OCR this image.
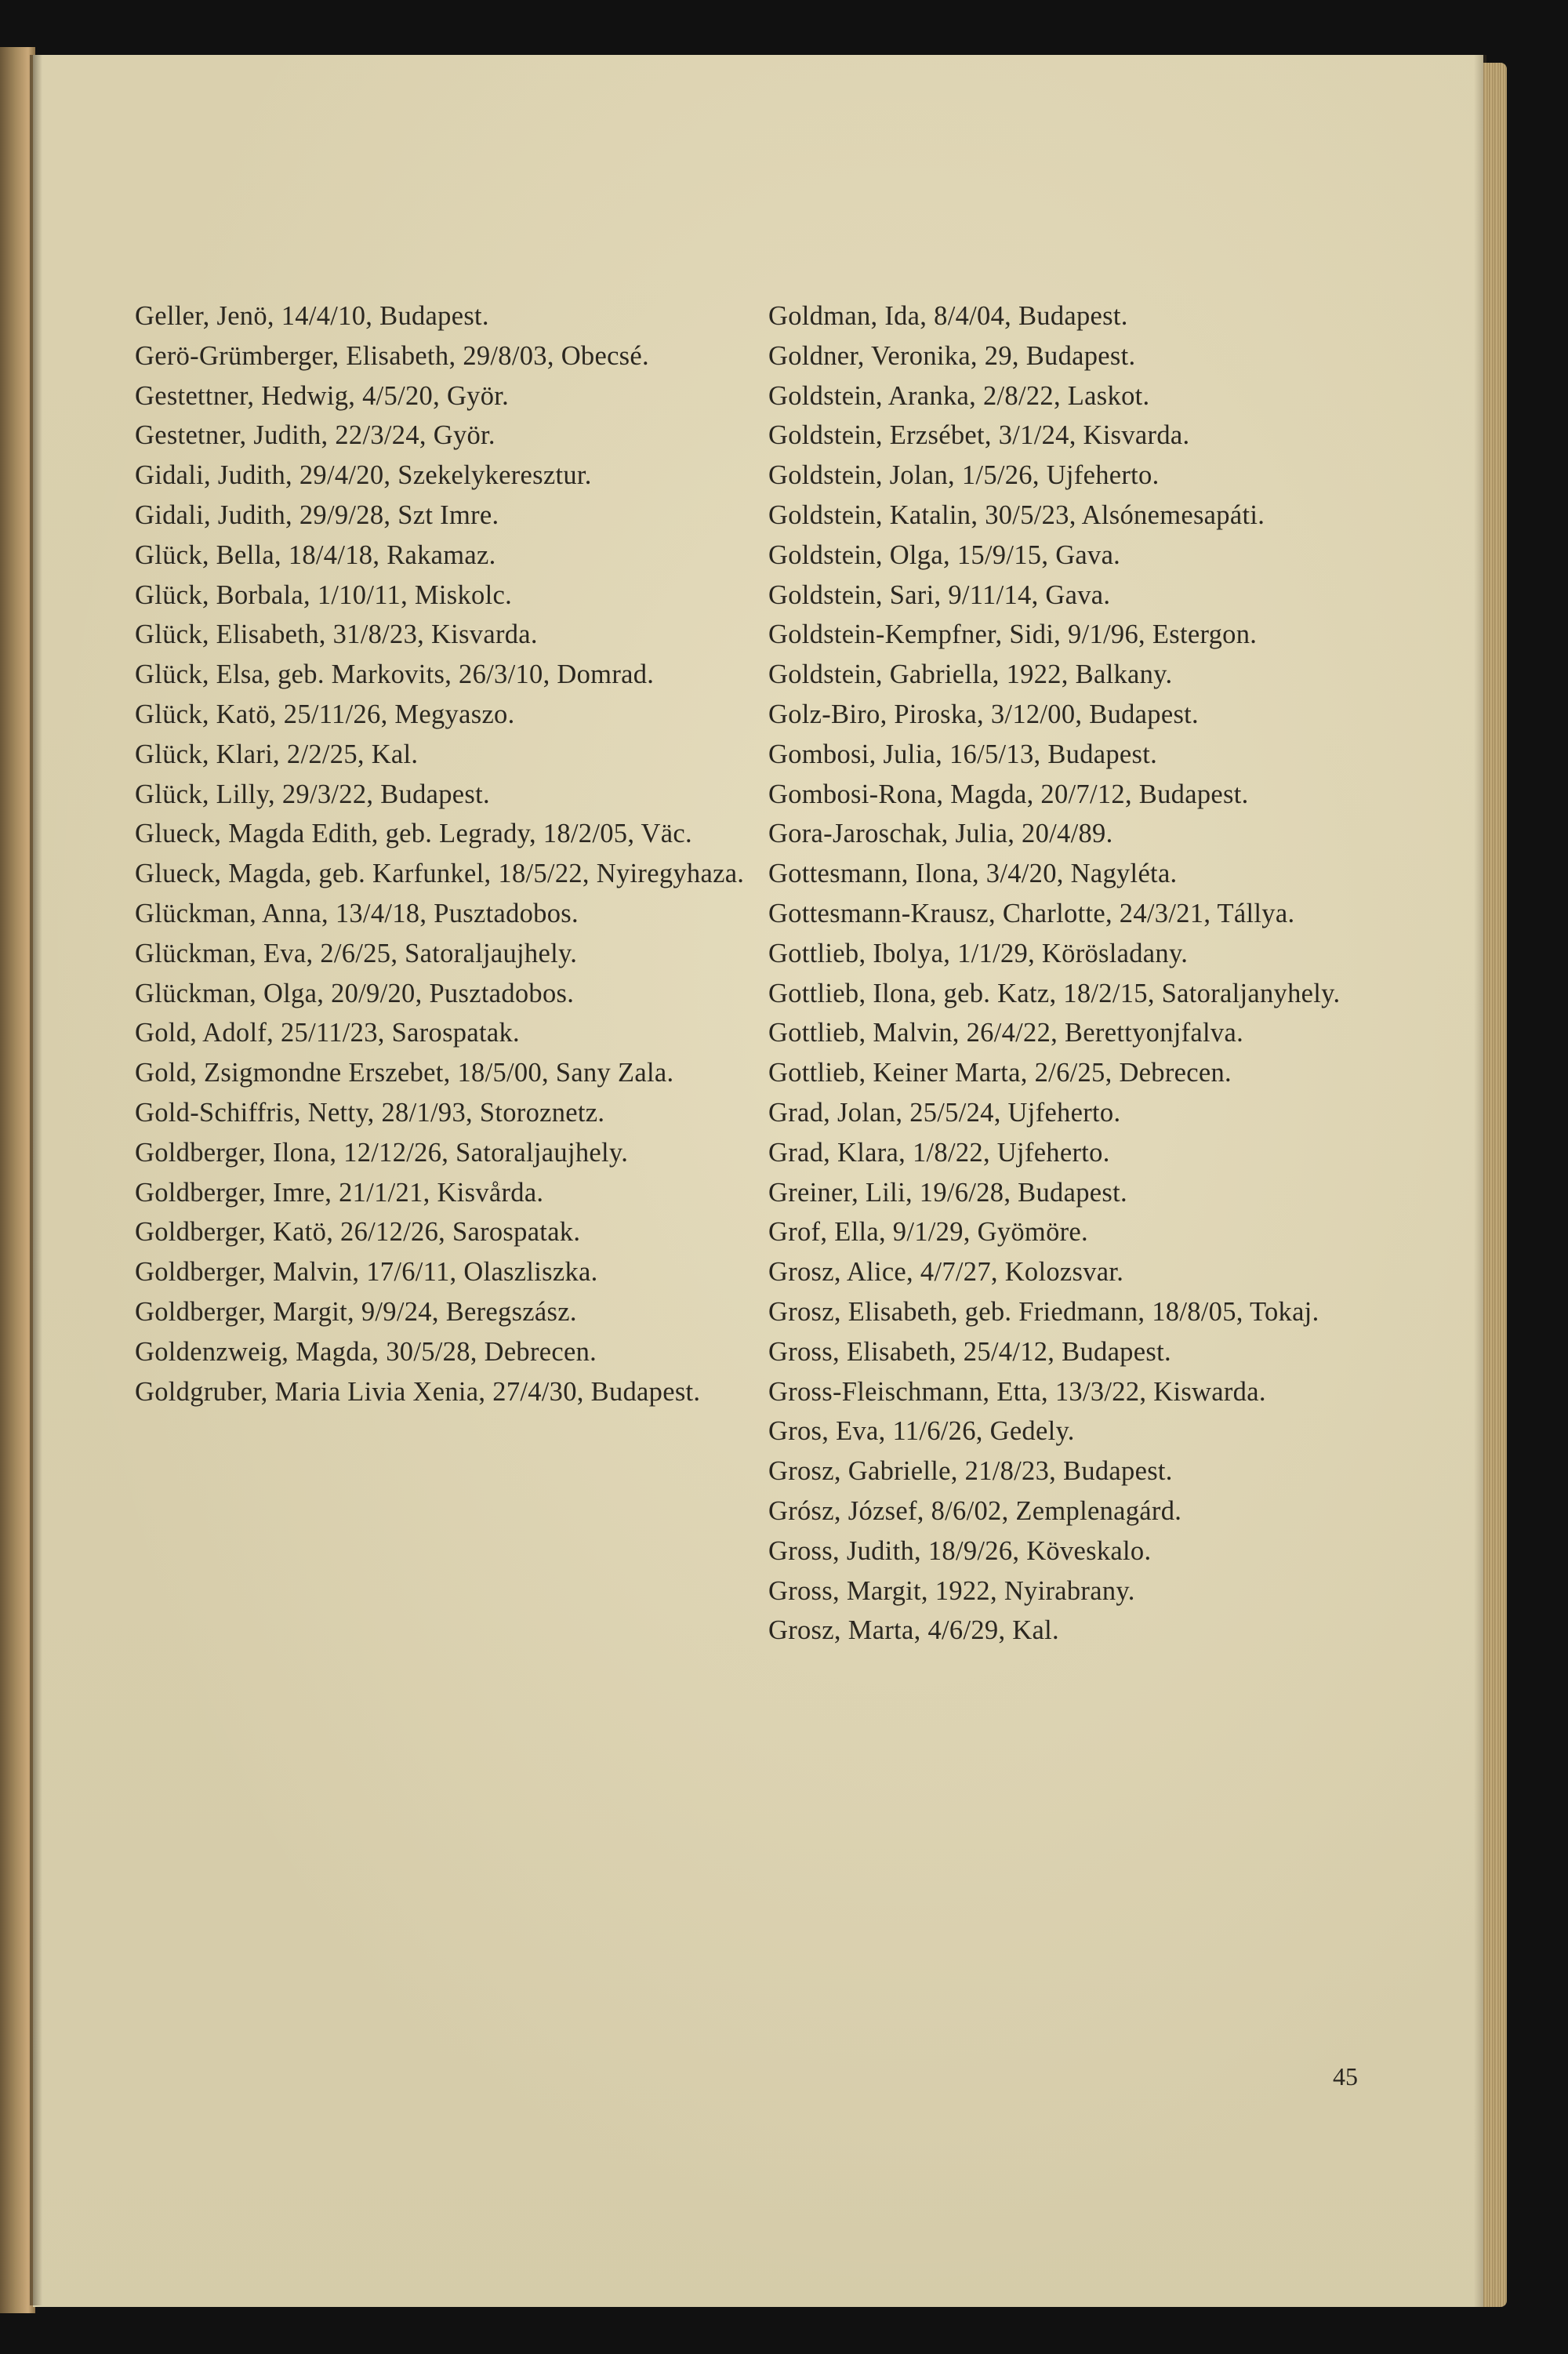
Geller, Jenö, 14/4/10, Budapest.

Gerö-Grümberger, Elisabeth, 29/8/03, Obecsé.

Gestettner, Hedwig, 4/5/20, Györ.

Gestetner, Judith, 22/3/24, Györ.

Gidali, Judith, 29/4/20, Szekelykeresztur.

Gidali, Judith, 29/9/28, Szt Imre.

Glück, Bella, 18/4/18, Rakamaz.

Glück, Borbala, 1/10/11, Miskolc.

Glück, Elisabeth, 31/8/23, Kisvarda.

Glück, Elsa, geb. Markovits, 26/3/10, Domrad.

Glück, Katö, 25/11/26, Megyaszo.

Glück, Klari, 2/2/25, Kal.

Glück, Lilly, 29/3/22, Budapest.

Glueck, Magda Edith, geb. Legrady, 18/2/05, Väc.

Glueck, Magda, geb. Karfunkel, 18/5/22, Nyiregyhaza.

Glückman, Anna, 13/4/18, Pusztadobos.

Glückman, Eva, 2/6/25, Satoraljaujhely.

Glückman, Olga, 20/9/20, Pusztadobos.

Gold, Adolf, 25/11/23, Sarospatak.

Gold, Zsigmondne Erszebet, 18/5/00, Sany Zala.

Gold-Schiffris, Netty, 28/1/93, Storoznetz.

Goldberger, Ilona, 12/12/26, Satoraljaujhely.

Goldberger, Imre, 21/1/21, Kisvårda.

Goldberger, Katö, 26/12/26, Sarospatak.

Goldberger, Malvin, 17/6/11, Olaszliszka.

Goldberger, Margit, 9/9/24, Beregszász.

Goldenzweig, Magda, 30/5/28, Debrecen.

Goldgruber, Maria Livia Xenia, 27/4/30, Budapest.

Goldman, Ida, 8/4/04, Budapest.

Goldner, Veronika, 29, Budapest.

Goldstein, Aranka, 2/8/22, Laskot.

Goldstein, Erzsébet, 3/1/24, Kisvarda.

Goldstein, Jolan, 1/5/26, Ujfeherto.

Goldstein, Katalin, 30/5/23, Alsónemesapáti.

Goldstein, Olga, 15/9/15, Gava.

Goldstein, Sari, 9/11/14, Gava.

Goldstein-Kempfner, Sidi, 9/1/96, Estergon.

Goldstein, Gabriella, 1922, Balkany.

Golz-Biro, Piroska, 3/12/00, Budapest.

Gombosi, Julia, 16/5/13, Budapest.

Gombosi-Rona, Magda, 20/7/12, Budapest.

Gora-Jaroschak, Julia, 20/4/89.

Gottesmann, Ilona, 3/4/20, Nagyléta.

Gottesmann-Krausz, Charlotte, 24/3/21, Tállya.

Gottlieb, Ibolya, 1/1/29, Körösladany.

Gottlieb, Ilona, geb. Katz, 18/2/15, Satoraljanyhely.

Gottlieb, Malvin, 26/4/22, Berettyonjfalva.

Gottlieb, Keiner Marta, 2/6/25, Debrecen.

Grad, Jolan, 25/5/24, Ujfeherto.

Grad, Klara, 1/8/22, Ujfeherto.

Greiner, Lili, 19/6/28, Budapest.

Grof, Ella, 9/1/29, Gyömöre.

Grosz, Alice, 4/7/27, Kolozsvar.

Grosz, Elisabeth, geb. Friedmann, 18/8/05, Tokaj.

Gross, Elisabeth, 25/4/12, Budapest.

Gross-Fleischmann, Etta, 13/3/22, Kiswarda.

Gros, Eva, 11/6/26, Gedely.

Grosz, Gabrielle, 21/8/23, Budapest.

Grósz, József, 8/6/02, Zemplenagárd.

Gross, Judith, 18/9/26, Köveskalo.

Gross, Margit, 1922, Nyirabrany.

Grosz, Marta, 4/6/29, Kal.

45
